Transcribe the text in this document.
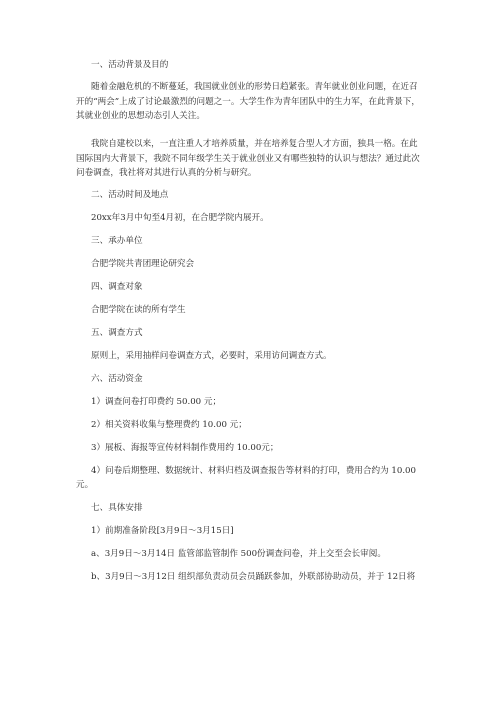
一、活动背景及目的
随着金融危机的不断蔓延，我国就业创业的形势日趋紧张。青年就业创业问题，在近召
开的“两会”上成了讨论最激烈的问题之一。大学生作为青年团队中的生力军，在此背景下，
其就业创业的思想动态引人关注。
我院自建校以来，一直注重人才培养质量，并在培养复合型人才方面，独具一格。在此
国际国内大背景下，我院不同年级学生关于就业创业又有哪些独特的认识与想法？通过此次
问卷调查，我社将对其进行认真的分析与研究。
二、活动时间及地点
20xx年3月中旬至4月初，在合肥学院内展开。
三、承办单位
合肥学院共青团理论研究会
四、调查对象
合肥学院在读的所有学生
五、调查方式
原则上，采用抽样问卷调查方式，必要时，采用访问调查方式。
六、活动资金
1）调查问卷打印费约 50.00 元；
2）相关资料收集与整理费约 10.00 元；
3）展板、海报等宣传材料制作费用约 10.00元；
4）问卷后期整理、数据统计、材料归档及调查报告等材料的打印，费用合约为 10.00
元。
七、具体安排
1）前期准备阶段[3月9日～3月15日]
a、3月9日～3月14日 监管部监管制作 500份调查问卷，并上交至会长审阅。
b、3月9日～3月12日 组织部负责动员会员踊跃参加，外联部协助动员，并于 12日将
